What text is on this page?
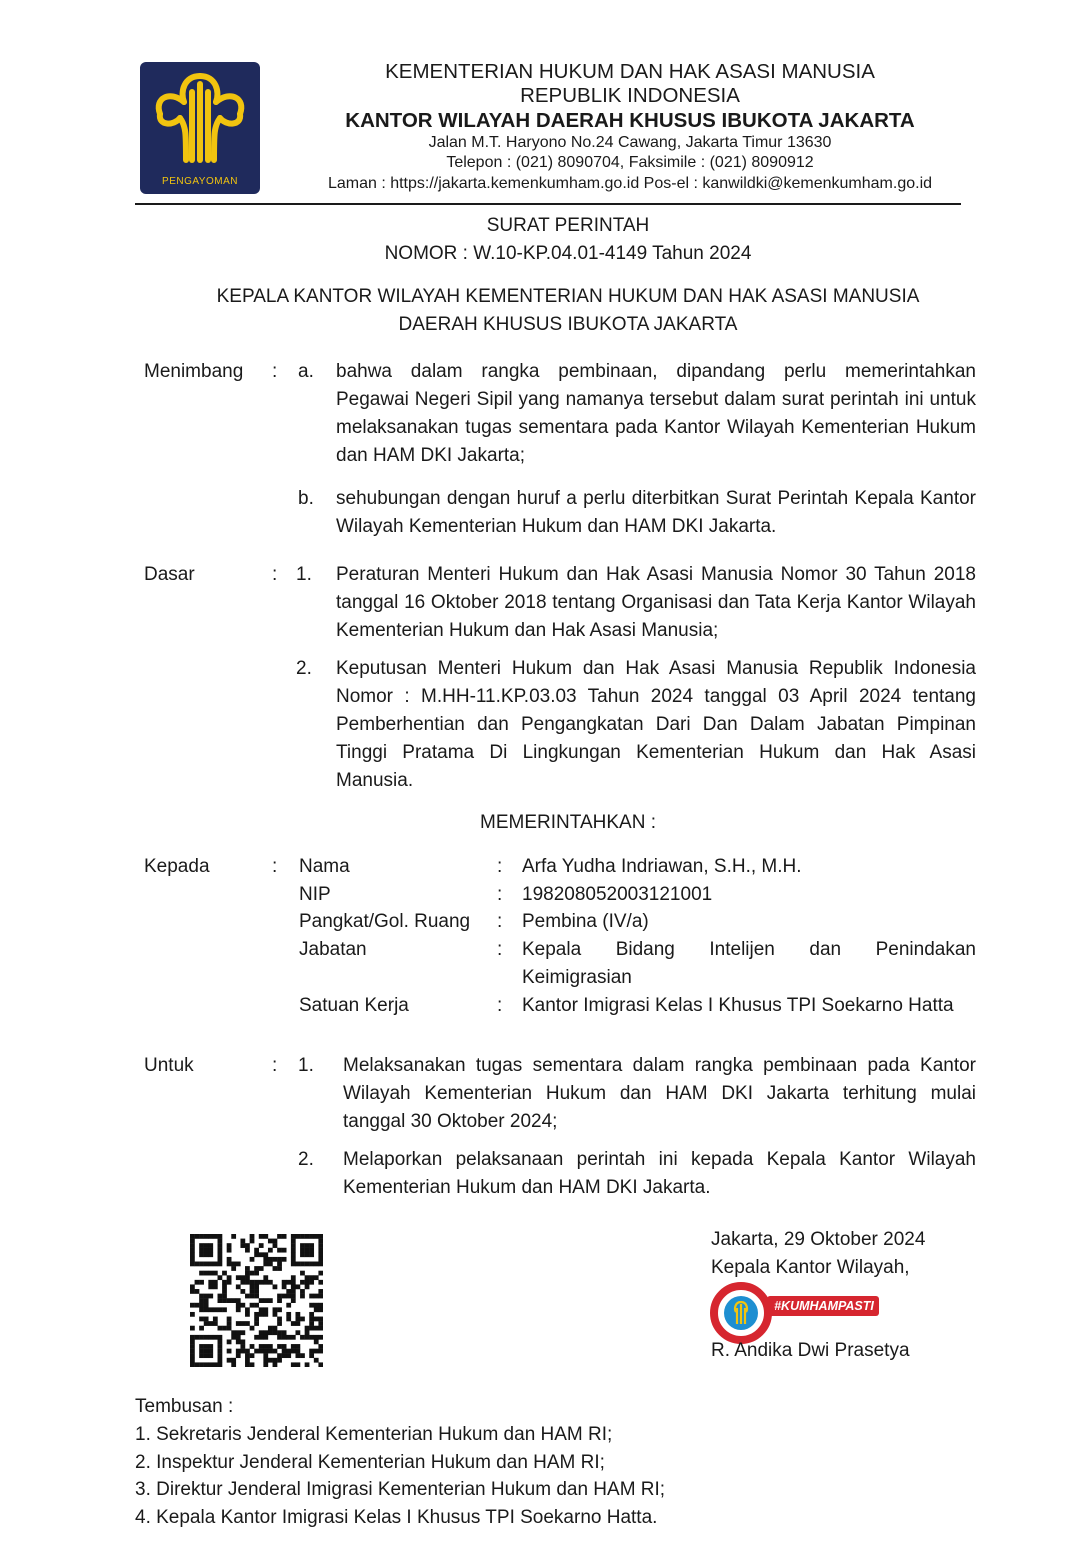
PENGAYOMAN
KEMENTERIAN HUKUM DAN HAK ASASI MANUSIA
REPUBLIK INDONESIA
KANTOR WILAYAH DAERAH KHUSUS IBUKOTA JAKARTA
Jalan M.T. Haryono No.24 Cawang, Jakarta Timur 13630
Telepon : (021) 8090704, Faksimile : (021) 8090912
Laman : https://jakarta.kemenkumham.go.id Pos-el : kanwildki@kemenkumham.go.id
SURAT PERINTAH
NOMOR : W.10-KP.04.01-4149 Tahun 2024
KEPALA KANTOR WILAYAH KEMENTERIAN HUKUM DAN HAK ASASI MANUSIA
DAERAH KHUSUS IBUKOTA JAKARTA
Menimbang : a. bahwa dalam rangka pembinaan, dipandang perlu memerintahkan
Pegawai Negeri Sipil yang namanya tersebut dalam surat perintah ini untuk
melaksanakan tugas sementara pada Kantor Wilayah Kementerian Hukum
dan HAM DKI Jakarta;
b. sehubungan dengan huruf a perlu diterbitkan Surat Perintah Kepala Kantor
Wilayah Kementerian Hukum dan HAM DKI Jakarta.
Dasar	: 1. Peraturan Menteri Hukum dan Hak Asasi Manusia Nomor 30 Tahun 2018
tanggal 16 Oktober 2018 tentang Organisasi dan Tata Kerja Kantor Wilayah
Kementerian Hukum dan Hak Asasi Manusia;
2. Keputusan Menteri Hukum dan Hak Asasi Manusia Republik Indonesia
Nomor : M.HH-11.KP.03.03 Tahun 2024 tanggal 03 April 2024 tentang
Pemberhentian dan Pengangkatan Dari Dan Dalam Jabatan Pimpinan
Tinggi Pratama Di Lingkungan Kementerian Hukum dan Hak Asasi
Manusia.
MEMERINTAHKAN :
Kepada	: Nama	: Arfa Yudha Indriawan, S.H., M.H.
NIP	: 198208052003121001
Pangkat/Gol. Ruang : Pembina (IV/a)
Jabatan	: Kepala Bidang Intelijen dan Penindakan
Keimigrasian
Satuan Kerja	: Kantor Imigrasi Kelas I Khusus TPI Soekarno Hatta
Untuk	: 1. Melaksanakan tugas sementara dalam rangka pembinaan pada Kantor
Wilayah Kementerian Hukum dan HAM DKI Jakarta terhitung mulai
tanggal 30 Oktober 2024;
2. Melaporkan pelaksanaan perintah ini kepada Kepala Kantor Wilayah
Kementerian Hukum dan HAM DKI Jakarta.
Jakarta, 29 Oktober 2024
Kepala Kantor Wilayah,
#KUMHAMPASTI
R. Andika Dwi Prasetya
Tembusan :
1. Sekretaris Jenderal Kementerian Hukum dan HAM RI;
2. Inspektur Jenderal Kementerian Hukum dan HAM RI;
3. Direktur Jenderal Imigrasi Kementerian Hukum dan HAM RI;
4. Kepala Kantor Imigrasi Kelas I Khusus TPI Soekarno Hatta.
